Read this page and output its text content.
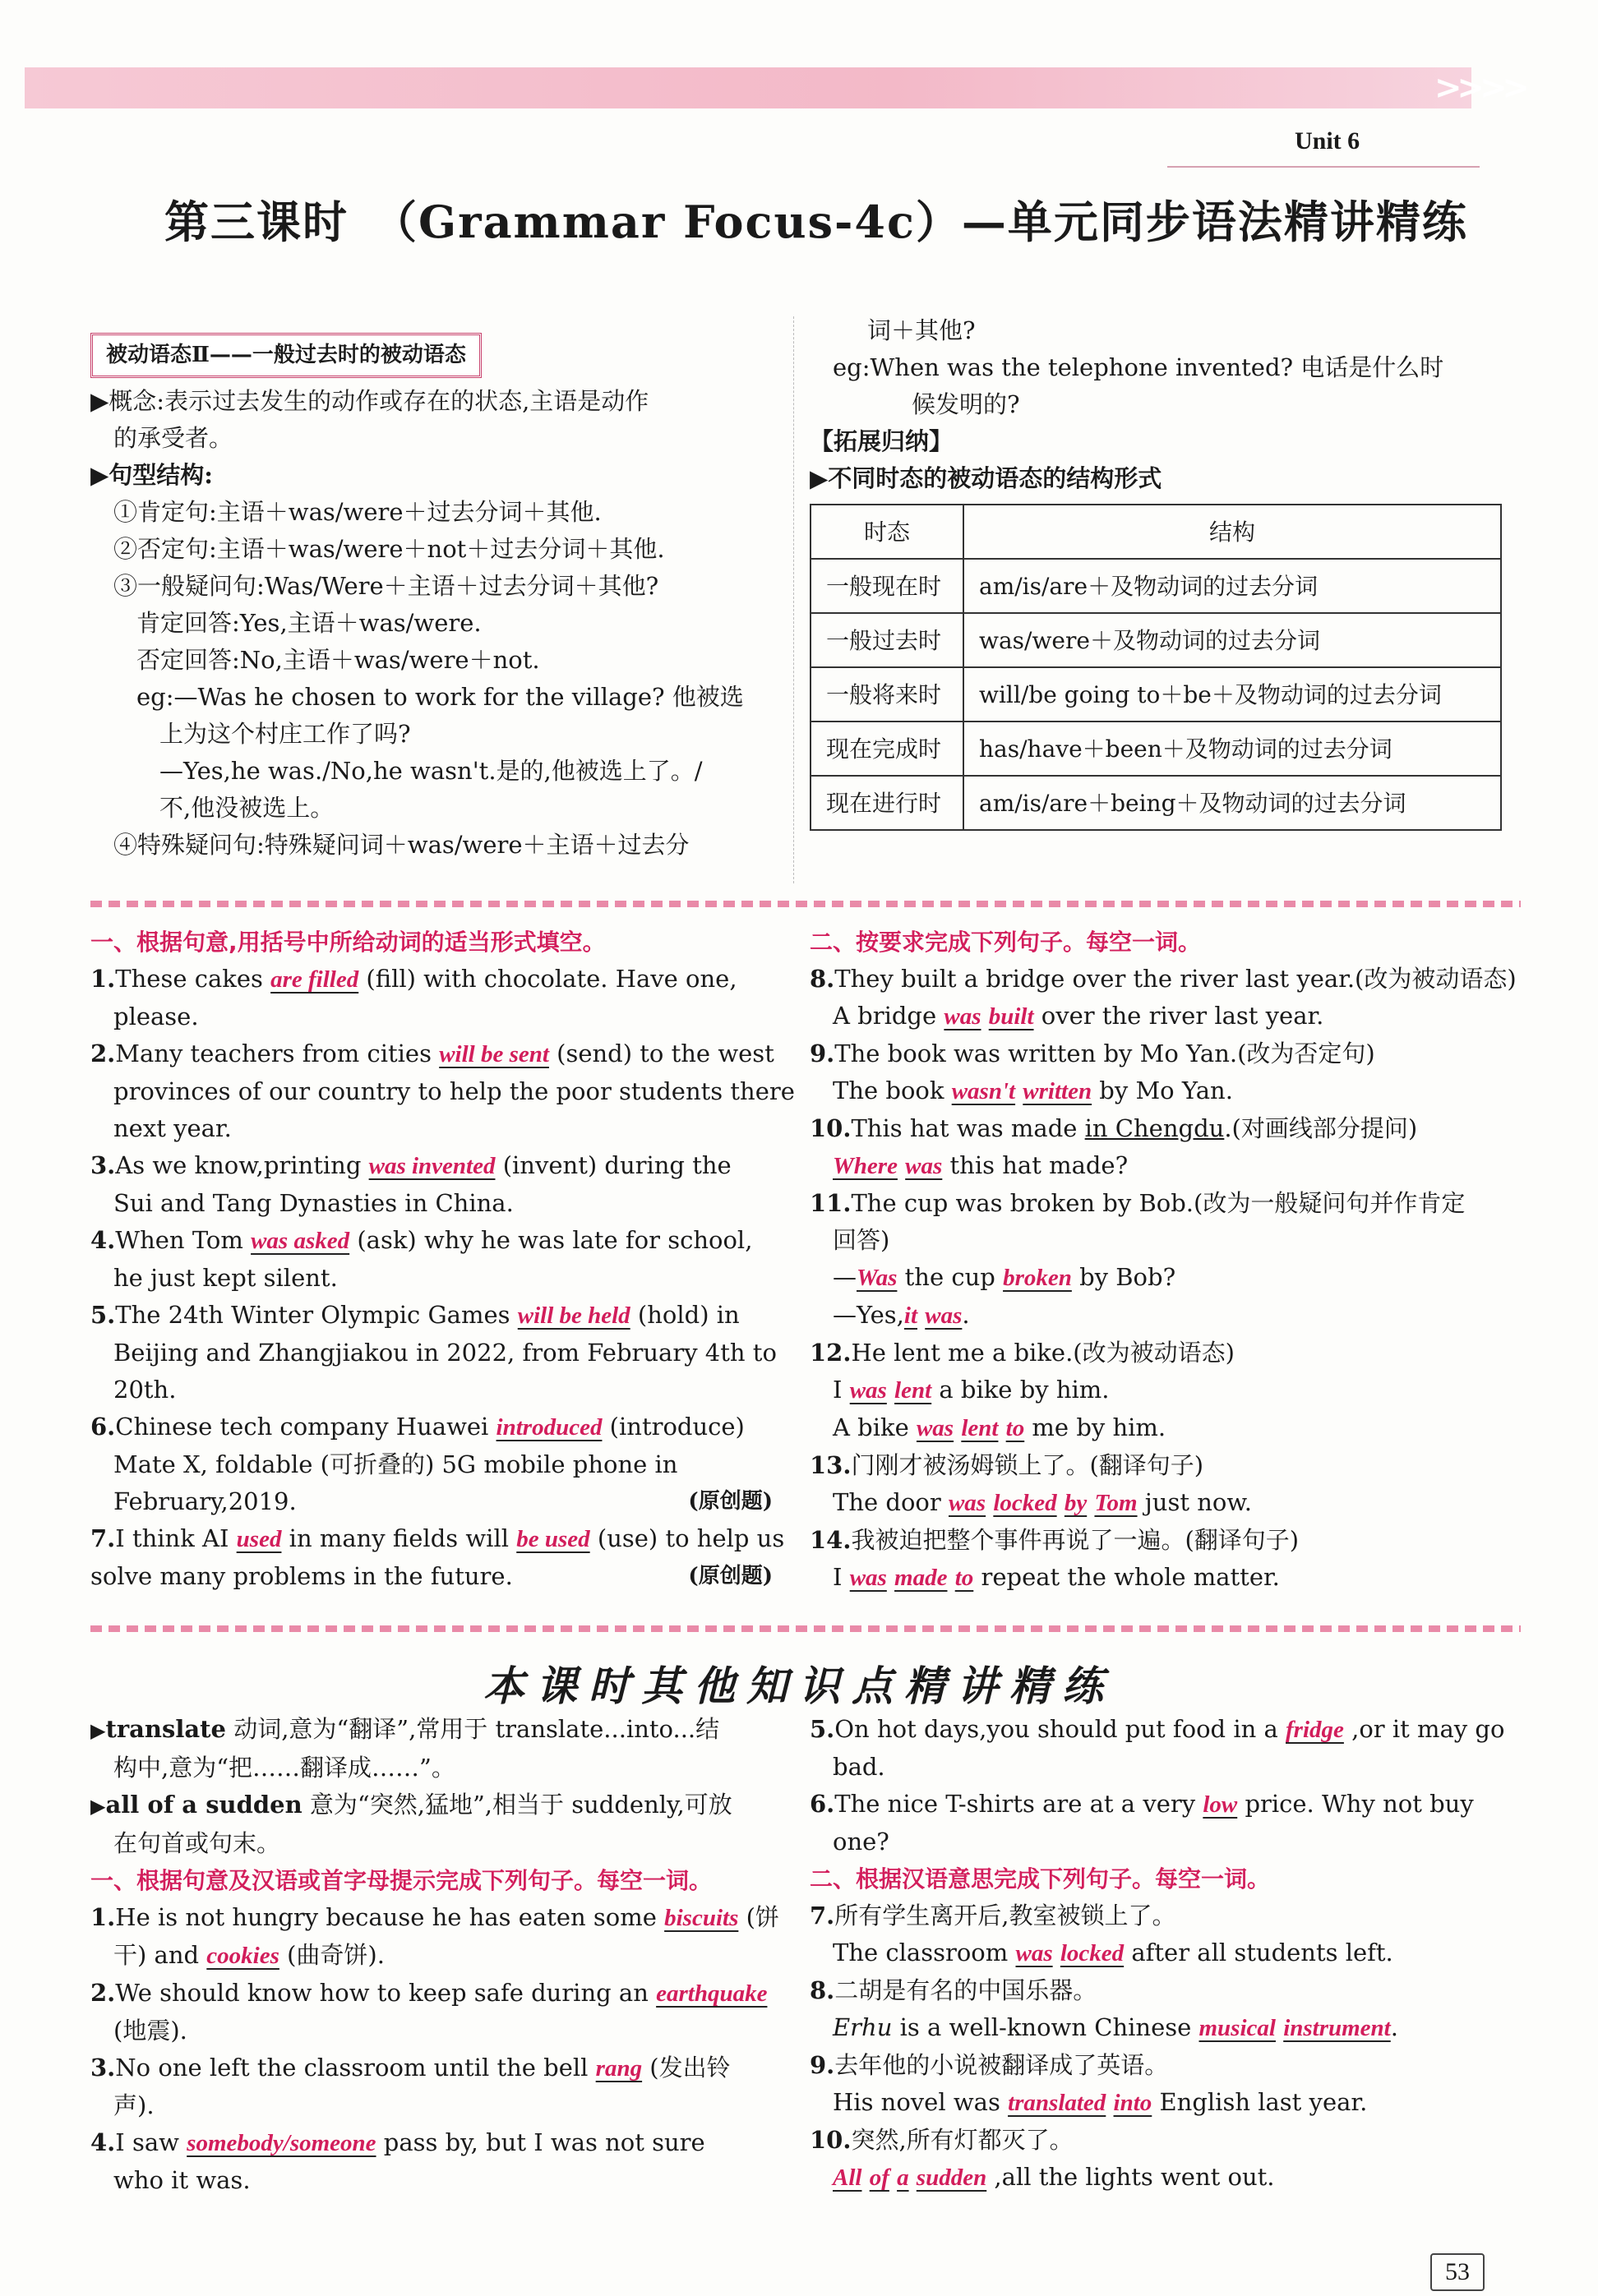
>>>>
Unit 6
第三课时　（Grammar Focus-4c）—单元同步语法精讲精练

被动语态Ⅱ——一般过去时的被动语态

▶概念:表示过去发生的动作或存在的状态,主语是动作

的承受者。

▶句型结构:

①肯定句:主语＋was/were＋过去分词＋其他.

②否定句:主语＋was/were＋not＋过去分词＋其他.

③一般疑问句:Was/Were＋主语＋过去分词＋其他?

肯定回答:Yes,主语＋was/were.

否定回答:No,主语＋was/were＋not.

eg:—Was he chosen to work for the village? 他被选

上为这个村庄工作了吗?

—Yes,he was./No,he wasn't.是的,他被选上了。/

不,他没被选上。

④特殊疑问句:特殊疑问词＋was/were＋主语＋过去分

词＋其他?

eg:When was the telephone invented? 电话是什么时

候发明的?

【拓展归纳】

▶不同时态的被动语态的结构形式

时态	结构
一般现在时	am/is/are＋及物动词的过去分词
一般过去时	was/were＋及物动词的过去分词
一般将来时	will/be going to＋be＋及物动词的过去分词
现在完成时	has/have＋been＋及物动词的过去分词
现在进行时	am/is/are＋being＋及物动词的过去分词

一、根据句意,用括号中所给动词的适当形式填空。

1.These cakes are filled (fill) with chocolate. Have one,

please.

2.Many teachers from cities will be sent (send) to the west

provinces of our country to help the poor students there

next year.

3.As we know,printing was invented (invent) during the

Sui and Tang Dynasties in China.

4.When Tom was asked (ask) why he was late for school,

he just kept silent.

5.The 24th Winter Olympic Games will be held (hold) in

Beijing and Zhangjiakou in 2022, from February 4th to

20th.

6.Chinese tech company Huawei introduced (introduce)

Mate Ⅹ, foldable (可折叠的) 5G mobile phone in

February,2019.	(原创题)

7.I think AI used in many fields will be used (use) to help us

solve many problems in the future.	(原创题)

二、按要求完成下列句子。每空一词。

8.They built a bridge over the river last year.(改为被动语态)

A bridge was built over the river last year.

9.The book was written by Mo Yan.(改为否定句)

The book wasn't written by Mo Yan.

10.This hat was made in Chengdu.(对画线部分提问)

Where was this hat made?

11.The cup was broken by Bob.(改为一般疑问句并作肯定

回答)

—Was the cup broken by Bob?

—Yes,it was.

12.He lent me a bike.(改为被动语态)

I was lent a bike by him.

A bike was lent to me by him.

13.门刚才被汤姆锁上了。(翻译句子)

The door was locked by Tom just now.

14.我被迫把整个事件再说了一遍。(翻译句子)

I was made to repeat the whole matter.

本课时其他知识点精讲精练

▶translate 动词,意为“翻译”,常用于 translate...into...结

构中,意为“把……翻译成……”。

▶all of a sudden 意为“突然,猛地”,相当于 suddenly,可放

在句首或句末。

一、根据句意及汉语或首字母提示完成下列句子。每空一词。

1.He is not hungry because he has eaten some biscuits (饼

干) and cookies (曲奇饼).

2.We should know how to keep safe during an earthquake

(地震).

3.No one left the classroom until the bell rang (发出铃

声).

4.I saw somebody/someone pass by, but I was not sure

who it was.

5.On hot days,you should put food in a fridge ,or it may go

bad.

6.The nice T-shirts are at a very low price. Why not buy

one?

二、根据汉语意思完成下列句子。每空一词。

7.所有学生离开后,教室被锁上了。

The classroom was locked after all students left.

8.二胡是有名的中国乐器。

Erhu is a well-known Chinese musical instrument.

9.去年他的小说被翻译成了英语。

His novel was translated into English last year.

10.突然,所有灯都灭了。

All of a sudden ,all the lights went out.

53
